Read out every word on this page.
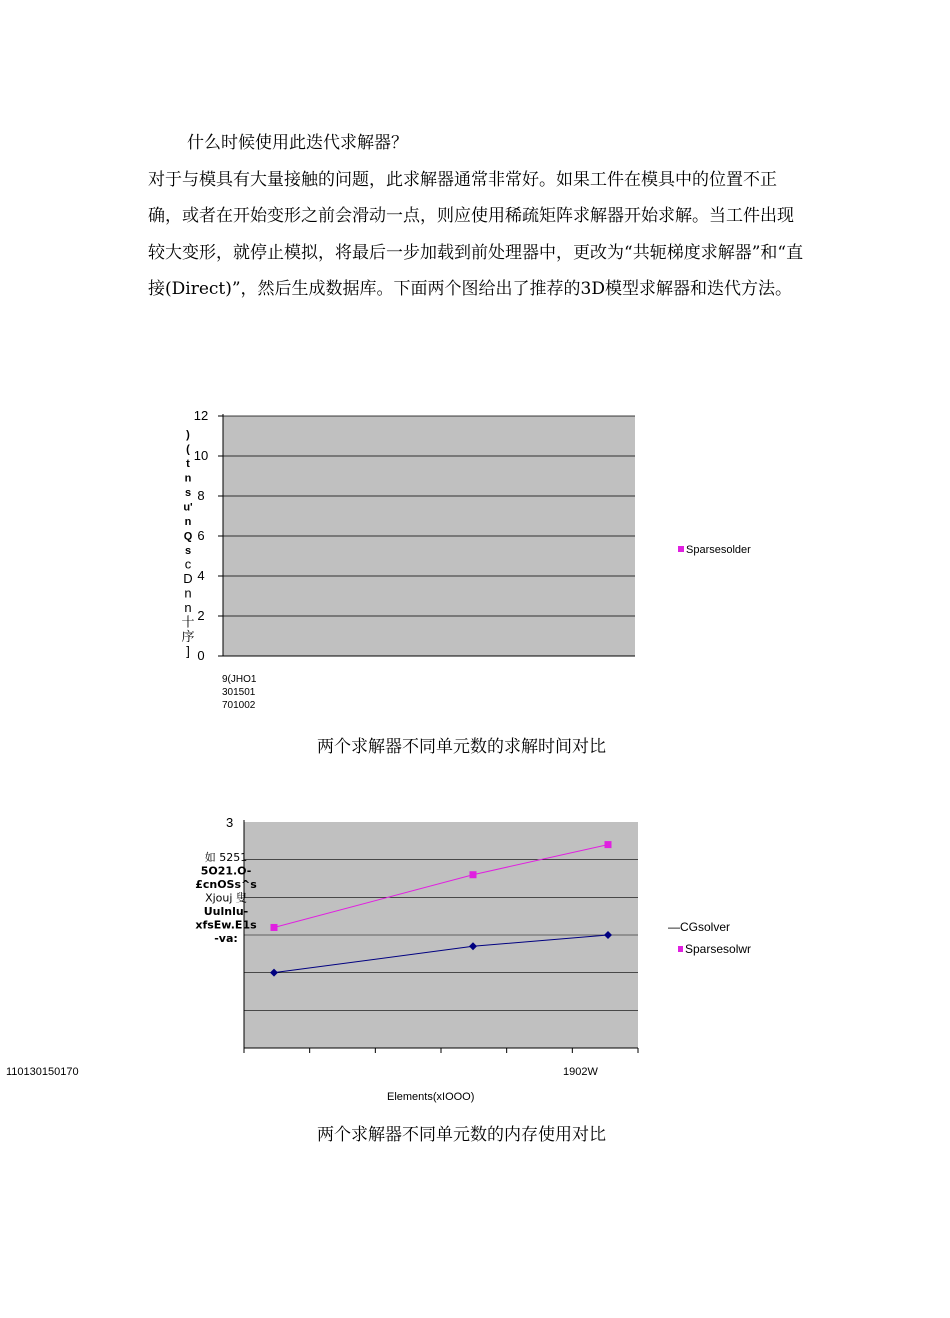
什么时候使用此迭代求解器？

对于与模具有大量接触的问题，此求解器通常非常好。如果工件在模具中的位置不正确，或者在开始变形之前会滑动一点，则应使用稀疏矩阵求解器开始求解。当工件出现较大变形，就停止模拟，将最后一步加载到前处理器中，更改为“共轭梯度求解器”和“直接(Direct)”，然后生成数据库。下面两个图给出了推荐的3D模型求解器和迭代方法。

12
10
8
6
4
2
0
)
(
t
n
s
u'
n
Q
s
c
D
n
n
十
序
]
9(JHO1
301501
701002
Sparsesolder

两个求解器不同单元数的求解时间对比

3
如 5251
5O21.O-
£cnOSs^s
Xjouj 叟
Uulnlu-
xfsEw.E1s
-va:
—CGsolver
Sparsesolwr
110130150170	1902W
Elements(xIOOO)

两个求解器不同单元数的内存使用对比
